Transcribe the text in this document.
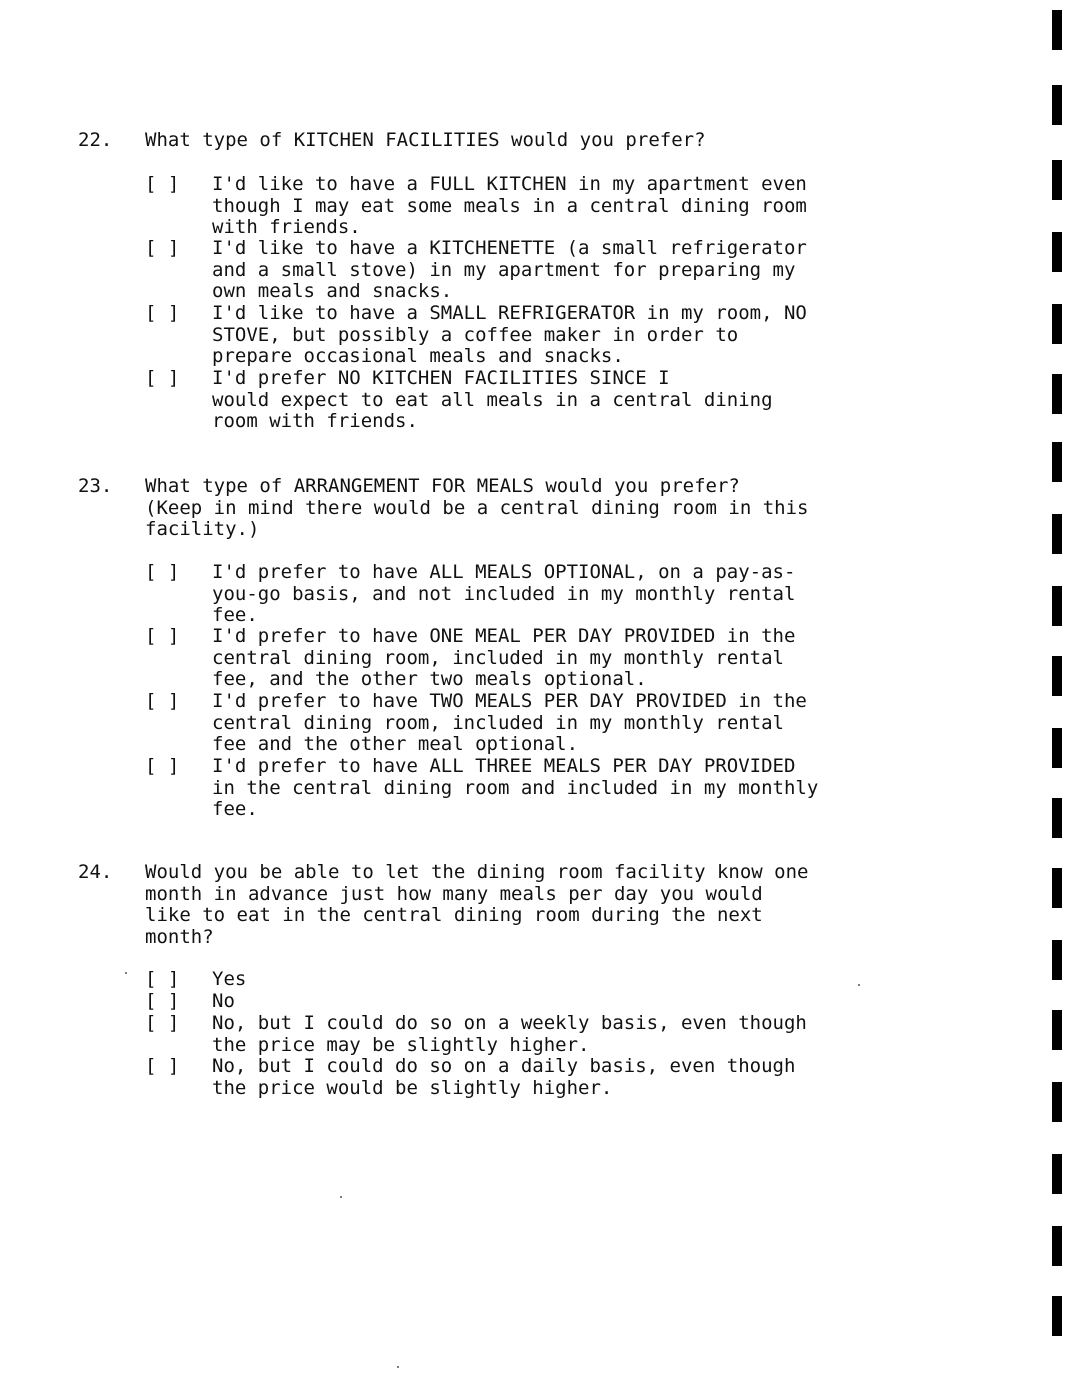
22. What type of KITCHEN FACILITIES would you prefer?
[ ] I'd like to have a FULL KITCHEN in my apartment even
though I may eat some meals in a central dining room
with friends.
[ ] I'd like to have a KITCHENETTE (a small refrigerator
and a small stove) in my apartment for preparing my
own meals and snacks.
[ ] I'd like to have a SMALL REFRIGERATOR in my room, NO
STOVE, but possibly a coffee maker in order to
prepare occasional meals and snacks.
[ ] I'd prefer NO KITCHEN FACILITIES SINCE I
would expect to eat all meals in a central dining
room with friends.
23. What type of ARRANGEMENT FOR MEALS would you prefer?
(Keep in mind there would be a central dining room in this
facility.)
[ ] I'd prefer to have ALL MEALS OPTIONAL, on a pay-as-
you-go basis, and not included in my monthly rental
fee.
[ ] I'd prefer to have ONE MEAL PER DAY PROVIDED in the
central dining room, included in my monthly rental
fee, and the other two meals optional.
[ ] I'd prefer to have TWO MEALS PER DAY PROVIDED in the
central dining room, included in my monthly rental
fee and the other meal optional.
[ ] I'd prefer to have ALL THREE MEALS PER DAY PROVIDED
in the central dining room and included in my monthly
fee.
24. Would you be able to let the dining room facility know one
month in advance just how many meals per day you would
like to eat in the central dining room during the next
month?
[ ] Yes
[ ] No
[ ] No, but I could do so on a weekly basis, even though
the price may be slightly higher.
[ ] No, but I could do so on a daily basis, even though
the price would be slightly higher.
